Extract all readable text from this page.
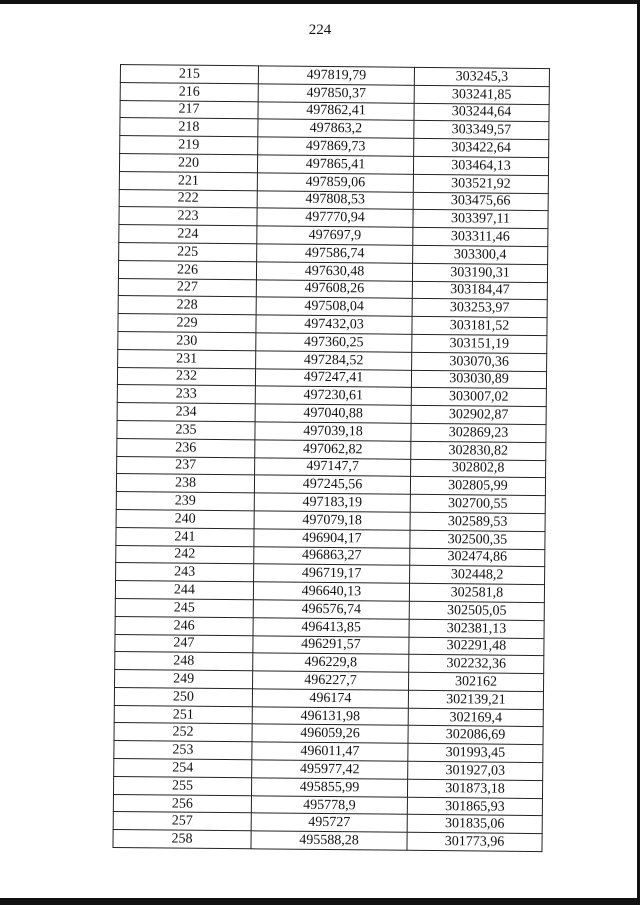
224
215	497819,79	303245,3
216	497850,37	303241,85
217	497862,41	303244,64
218	497863,2	303349,57
219	497869,73	303422,64
220	497865,41	303464,13
221	497859,06	303521,92
222	497808,53	303475,66
223	497770,94	303397,11
224	497697,9	303311,46
225	497586,74	303300,4
226	497630,48	303190,31
227	497608,26	303184,47
228	497508,04	303253,97
229	497432,03	303181,52
230	497360,25	303151,19
231	497284,52	303070,36
232	497247,41	303030,89
233	497230,61	303007,02
234	497040,88	302902,87
235	497039,18	302869,23
236	497062,82	302830,82
237	497147,7	302802,8
238	497245,56	302805,99
239	497183,19	302700,55
240	497079,18	302589,53
241	496904,17	302500,35
242	496863,27	302474,86
243	496719,17	302448,2
244	496640,13	302581,8
245	496576,74	302505,05
246	496413,85	302381,13
247	496291,57	302291,48
248	496229,8	302232,36
249	496227,7	302162
250	496174	302139,21
251	496131,98	302169,4
252	496059,26	302086,69
253	496011,47	301993,45
254	495977,42	301927,03
255	495855,99	301873,18
256	495778,9	301865,93
257	495727	301835,06
258	495588,28	301773,96
